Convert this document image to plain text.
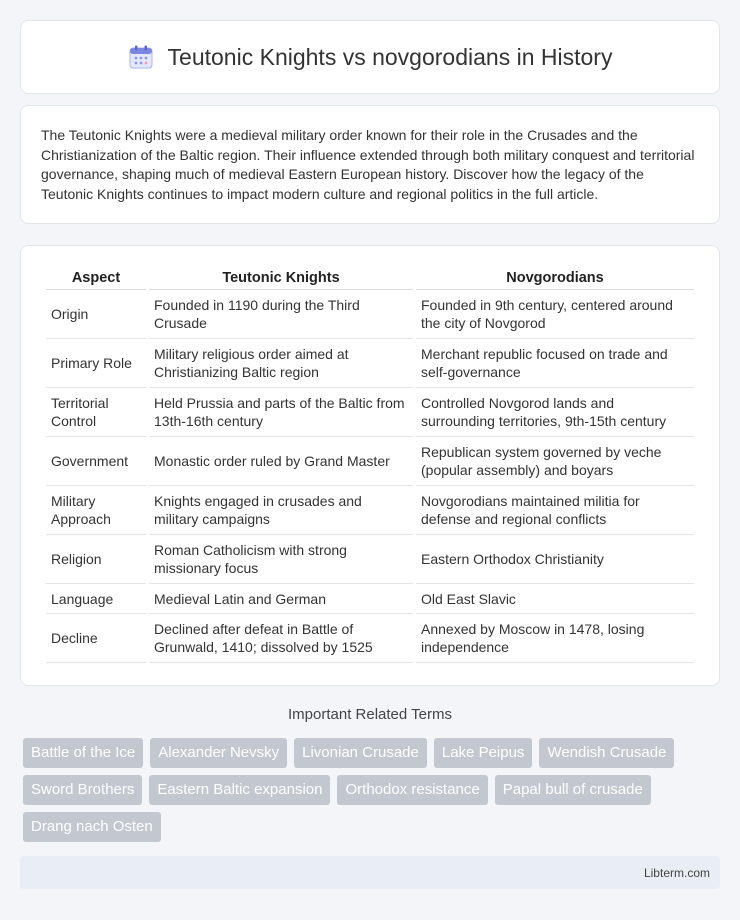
Teutonic Knights vs novgorodians in History

The Teutonic Knights were a medieval military order known for their role in the Crusades and the Christianization of the Baltic region. Their influence extended through both military conquest and territorial governance, shaping much of medieval Eastern European history. Discover how the legacy of the Teutonic Knights continues to impact modern culture and regional politics in the full article.

Aspect	Teutonic Knights	Novgorodians
Origin	Founded in 1190 during the Third Crusade	Founded in 9th century, centered around the city of Novgorod
Primary Role	Military religious order aimed at Christianizing Baltic region	Merchant republic focused on trade and self-governance
Territorial Control	Held Prussia and parts of the Baltic from 13th-16th century	Controlled Novgorod lands and surrounding territories, 9th-15th century
Government	Monastic order ruled by Grand Master	Republican system governed by veche (popular assembly) and boyars
Military Approach	Knights engaged in crusades and military campaigns	Novgorodians maintained militia for defense and regional conflicts
Religion	Roman Catholicism with strong missionary focus	Eastern Orthodox Christianity
Language	Medieval Latin and German	Old East Slavic
Decline	Declined after defeat in Battle of Grunwald, 1410; dissolved by 1525	Annexed by Moscow in 1478, losing independence
Important Related Terms
Battle of the Ice	Alexander Nevsky	Livonian Crusade	Lake Peipus	Wendish Crusade
Sword Brothers	Eastern Baltic expansion	Orthodox resistance	Papal bull of crusade
Drang nach Osten
Libterm.com
